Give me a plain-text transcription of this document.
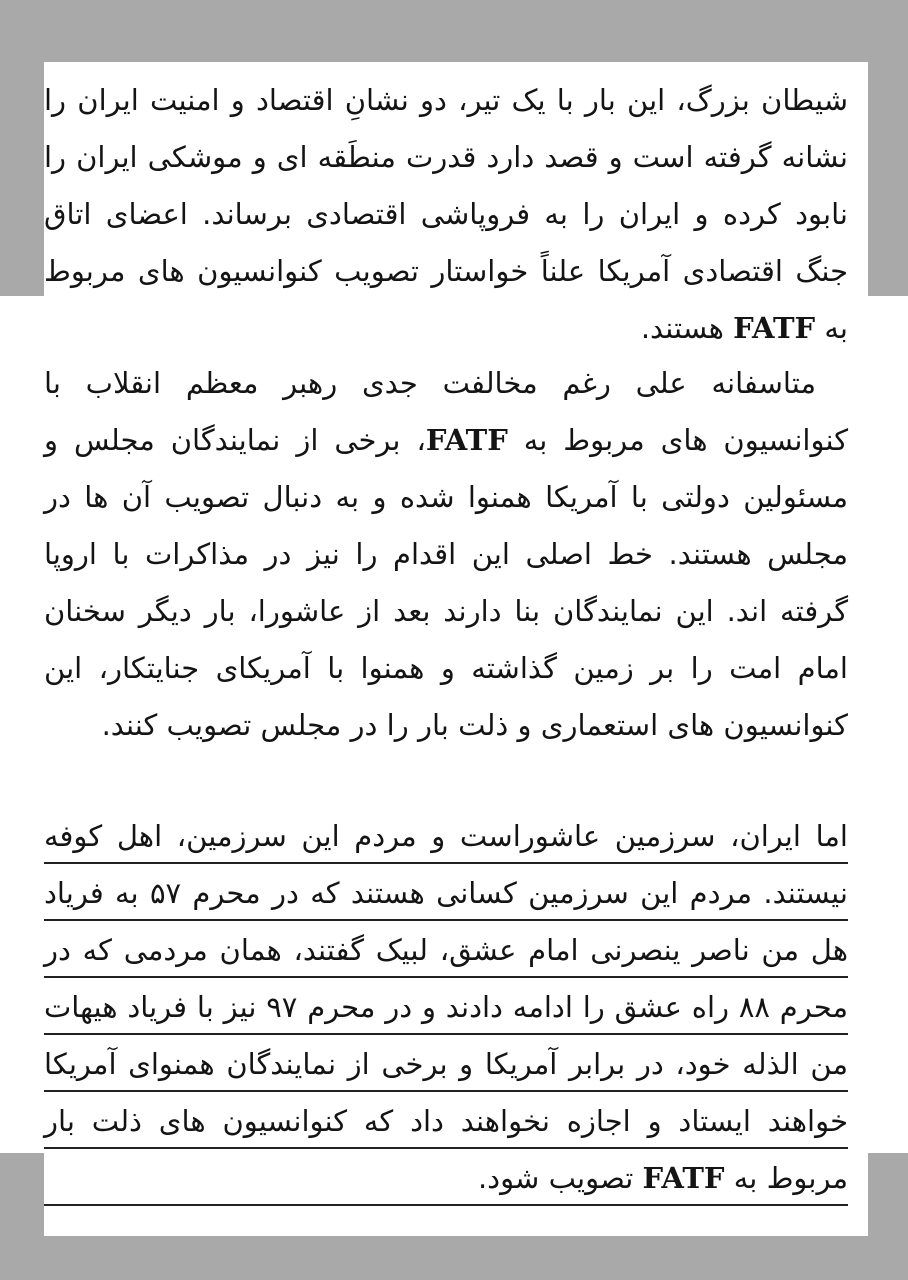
شیطان بزرگ، این بار با یک تیر، دو نشانِ اقتصاد و امنیت ایران را نشانه گرفته است و قصد دارد قدرت منطَقه ای و موشکی ایران را نابود کرده و ایران را به فروپاشی اقتصادی برساند. اعضای اتاق جنگ اقتصادی آمریکا علناً خواستار تصویب کنوانسیون های مربوط به FATF هستند.

متاسفانه علی رغم مخالفت جدی رهبر معظم انقلاب با کنوانسیون های مربوط به FATF، برخی از نمایندگان مجلس و مسئولین دولتی با آمریکا همنوا شده و به دنبال تصویب آن ها در مجلس هستند. خط اصلی این اقدام را نیز در مذاکرات با اروپا گرفته اند. این نمایندگان بنا دارند بعد از عاشورا، بار دیگر سخنان امام امت را بر زمین گذاشته و همنوا با آمریکای جنایتکار، این کنوانسیون های استعماری و ذلت بار را در مجلس تصویب کنند.

اما ایران، سرزمین عاشوراست و مردم این سرزمین، اهل کوفه نیستند. مردم این سرزمین کسانی هستند که در محرم ۵۷ به فریاد هل من ناصر ینصرنی امام عشق، لبیک گفتند، همان مردمی که در محرم ۸۸ راه عشق را ادامه دادند و در محرم ۹۷ نیز با فریاد هیهات من الذله خود، در برابر آمریکا و برخی از نمایندگان همنوای آمریکا خواهند ایستاد و اجازه نخواهند داد که کنوانسیون های ذلت بار مربوط به FATF تصویب شود.
